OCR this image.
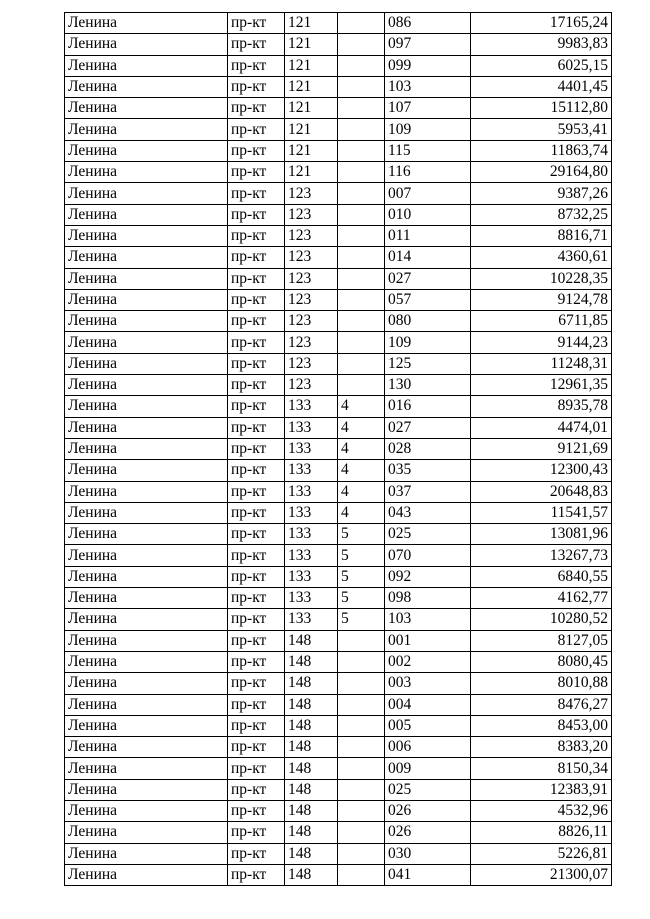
Ленина	пр-кт	121		086	17165,24
Ленина	пр-кт	121		097	9983,83
Ленина	пр-кт	121		099	6025,15
Ленина	пр-кт	121		103	4401,45
Ленина	пр-кт	121		107	15112,80
Ленина	пр-кт	121		109	5953,41
Ленина	пр-кт	121		115	11863,74
Ленина	пр-кт	121		116	29164,80
Ленина	пр-кт	123		007	9387,26
Ленина	пр-кт	123		010	8732,25
Ленина	пр-кт	123		011	8816,71
Ленина	пр-кт	123		014	4360,61
Ленина	пр-кт	123		027	10228,35
Ленина	пр-кт	123		057	9124,78
Ленина	пр-кт	123		080	6711,85
Ленина	пр-кт	123		109	9144,23
Ленина	пр-кт	123		125	11248,31
Ленина	пр-кт	123		130	12961,35
Ленина	пр-кт	133	4	016	8935,78
Ленина	пр-кт	133	4	027	4474,01
Ленина	пр-кт	133	4	028	9121,69
Ленина	пр-кт	133	4	035	12300,43
Ленина	пр-кт	133	4	037	20648,83
Ленина	пр-кт	133	4	043	11541,57
Ленина	пр-кт	133	5	025	13081,96
Ленина	пр-кт	133	5	070	13267,73
Ленина	пр-кт	133	5	092	6840,55
Ленина	пр-кт	133	5	098	4162,77
Ленина	пр-кт	133	5	103	10280,52
Ленина	пр-кт	148		001	8127,05
Ленина	пр-кт	148		002	8080,45
Ленина	пр-кт	148		003	8010,88
Ленина	пр-кт	148		004	8476,27
Ленина	пр-кт	148		005	8453,00
Ленина	пр-кт	148		006	8383,20
Ленина	пр-кт	148		009	8150,34
Ленина	пр-кт	148		025	12383,91
Ленина	пр-кт	148		026	4532,96
Ленина	пр-кт	148		026	8826,11
Ленина	пр-кт	148		030	5226,81
Ленина	пр-кт	148		041	21300,07
